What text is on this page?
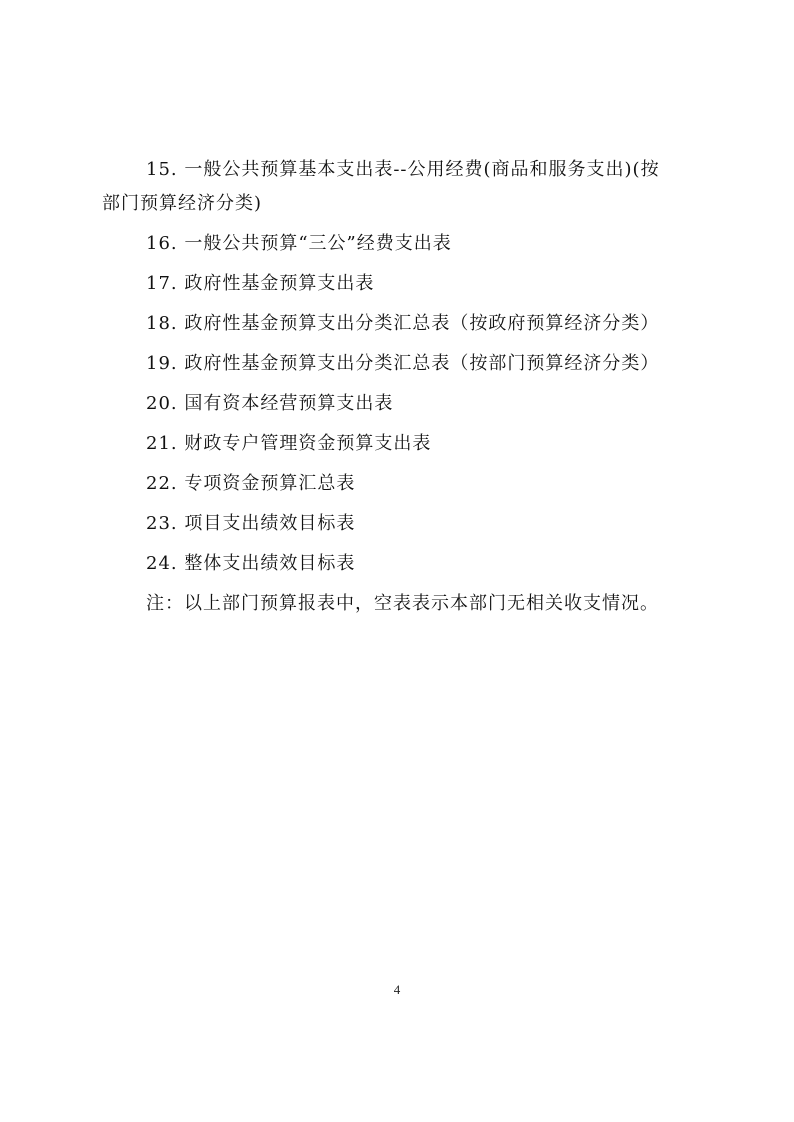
15. 一般公共预算基本支出表--公用经费(商品和服务支出)(按
部门预算经济分类)
16. 一般公共预算“三公”经费支出表
17. 政府性基金预算支出表
18. 政府性基金预算支出分类汇总表（按政府预算经济分类）
19. 政府性基金预算支出分类汇总表（按部门预算经济分类）
20. 国有资本经营预算支出表
21. 财政专户管理资金预算支出表
22. 专项资金预算汇总表
23. 项目支出绩效目标表
24. 整体支出绩效目标表
注：以上部门预算报表中，空表表示本部门无相关收支情况。
4
